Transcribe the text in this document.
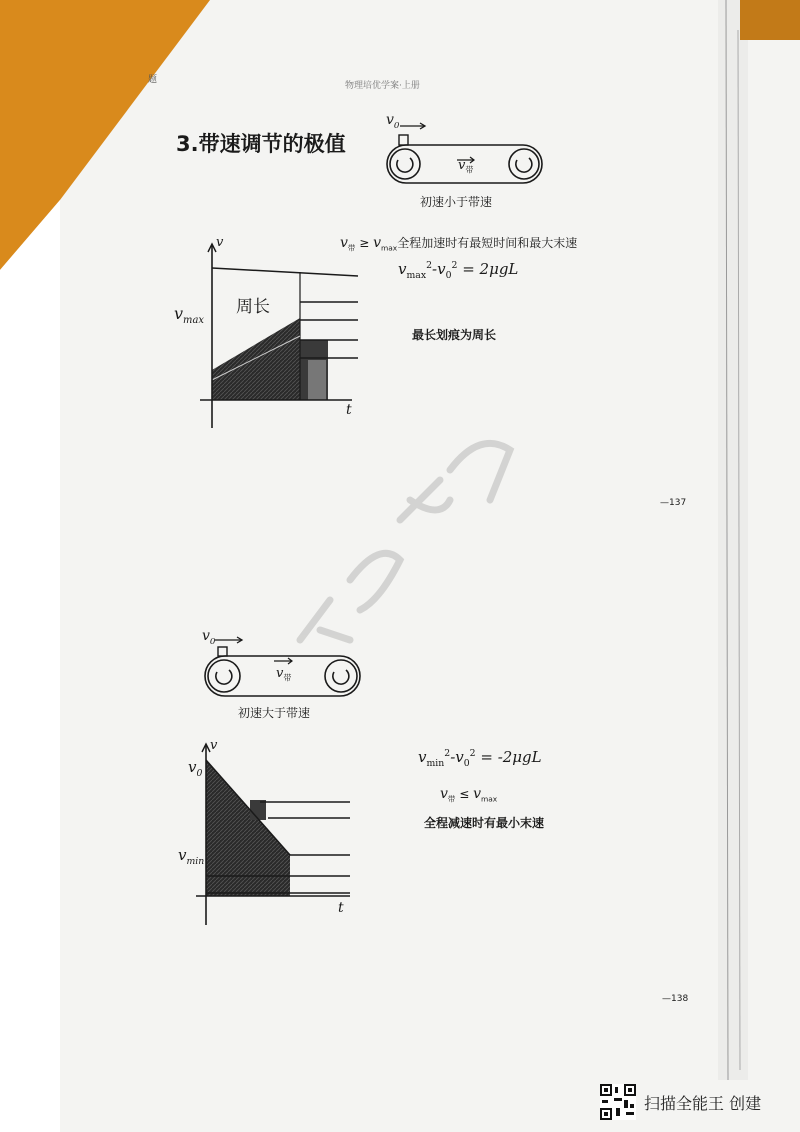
题
物理培优学案·上册
3.带速调节的极值
$v_0$
$v_带$
初速小于带速
v
t
$v_{max}$
周长
$v_带 \ge v_{max}$全程加速时有最短时间和最大末速
$v_{max}^2-v_0^2 = 2\mu gL$
最长划痕为周长
—137
$v_0$
$v_带$
初速大于带速
v
t
$v_0$
$v_{min}$
$v_{min}^2-v_0^2 = -2\mu gL$
$v_带 \le v_{max}$
全程减速时有最小末速
—138
扫描全能王 创建
